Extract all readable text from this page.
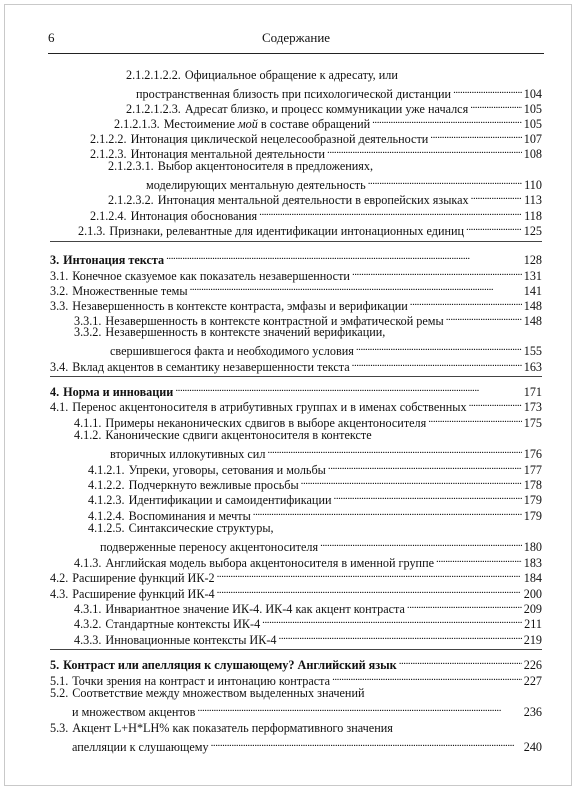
6	Содержание
2.1.2.1.2.2. Официальное обращение к адресату, или
пространственная близость при психологической дистанции . . .	104
2.1.2.1.2.3. Адресат близко, и процесс коммуникации уже начался . . .	105
2.1.2.1.3. Местоимение мой в составе обращений . . .	105
2.1.2.2. Интонация циклической нецелесообразной деятельности . . .	107
2.1.2.3. Интонация ментальной деятельности . . .	108
2.1.2.3.1. Выбор акцентоносителя в предложениях,
моделирующих ментальную деятельность . . .	110
2.1.2.3.2. Интонация ментальной деятельности в европейских языках . . .	113
2.1.2.4. Интонация обоснования . . .	118
2.1.3. Признаки, релевантные для идентификации интонационных единиц . . .	125
3. Интонация текста . . .	128
3.1. Конечное сказуемое как показатель незавершенности . . .	131
3.2. Множественные темы . . .	141
3.3. Незавершенность в контексте контраста, эмфазы и верификации . . .	148
3.3.1. Незавершенность в контексте контрастной и эмфатической ремы . . .	148
3.3.2. Незавершенность в контексте значений верификации,
свершившегося факта и необходимого условия . . .	155
3.4. Вклад акцентов в семантику незавершенности текста . . .	163
4. Норма и инновации . . .	171
4.1. Перенос акцентоносителя в атрибутивных группах и в именах собственных . . .	173
4.1.1. Примеры неканонических сдвигов в выборе акцентоносителя . . .	175
4.1.2. Канонические сдвиги акцентоносителя в контексте
вторичных иллокутивных сил . . .	176
4.1.2.1. Упреки, уговоры, сетования и мольбы . . .	177
4.1.2.2. Подчеркнуто вежливые просьбы . . .	178
4.1.2.3. Идентификации и самоидентификации . . .	179
4.1.2.4. Воспоминания и мечты . . .	179
4.1.2.5. Синтаксические структуры,
подверженные переносу акцентоносителя . . .	180
4.1.3. Английская модель выбора акцентоносителя в именной группе . . .	183
4.2. Расширение функций ИК-2 . . .	184
4.3. Расширение функций ИК-4 . . .	200
4.3.1. Инвариантное значение ИК-4. ИК-4 как акцент контраста . . .	209
4.3.2. Стандартные контексты ИК-4 . . .	211
4.3.3. Инновационные контексты ИК-4 . . .	219
5. Контраст или апелляция к слушающему? Английский язык . . .	226
5.1. Точки зрения на контраст и интонацию контраста . . .	227
5.2. Соответствие между множеством выделенных значений
и множеством акцентов . . .	236
5.3. Акцент L+H*LH% как показатель перформативного значения
апелляции к слушающему . . .	240
